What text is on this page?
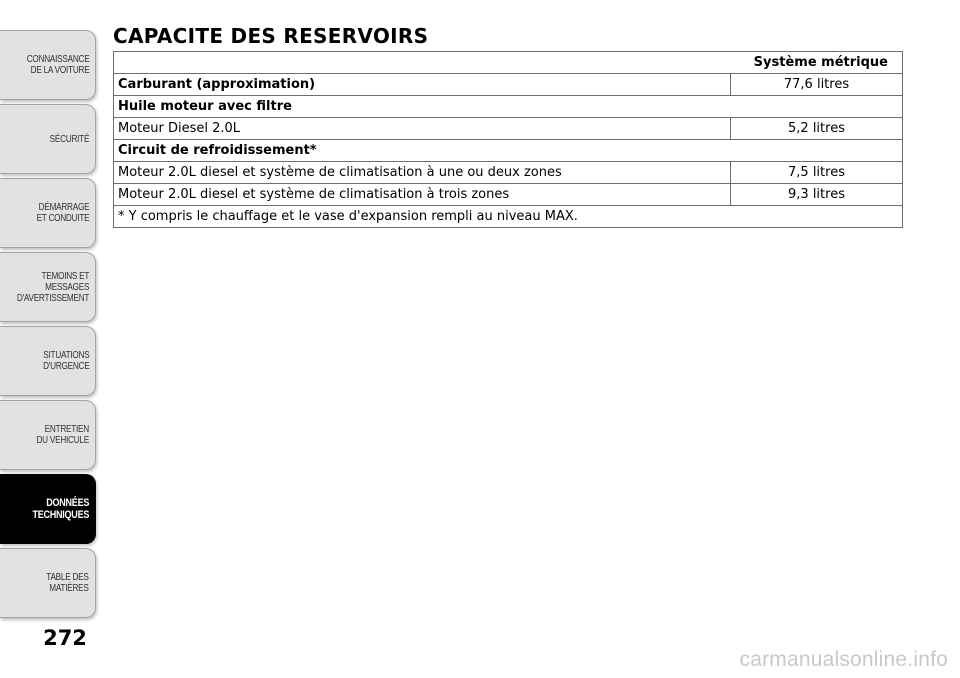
CONNAISSANCE
DE LA VOITURE
SÉCURITÉ
DÉMARRAGE
ET CONDUITE
TEMOINS ET
MESSAGES
D'AVERTISSEMENT
SITUATIONS
D'URGENCE
ENTRETIEN
DU VEHICULE
DONNÉES
TECHNIQUES
TABLE DES
MATIÈRES
272
CAPACITE DES RESERVOIRS
Système métrique	
Carburant (approximation)	77,6 litres
Huile moteur avec filtre	
Moteur Diesel 2.0L	5,2 litres
Circuit de refroidissement*	
Moteur 2.0L diesel et système de climatisation à une ou deux zones	7,5 litres
Moteur 2.0L diesel et système de climatisation à trois zones	9,3 litres
* Y compris le chauffage et le vase d'expansion rempli au niveau MAX.	
carmanualsonline.info
